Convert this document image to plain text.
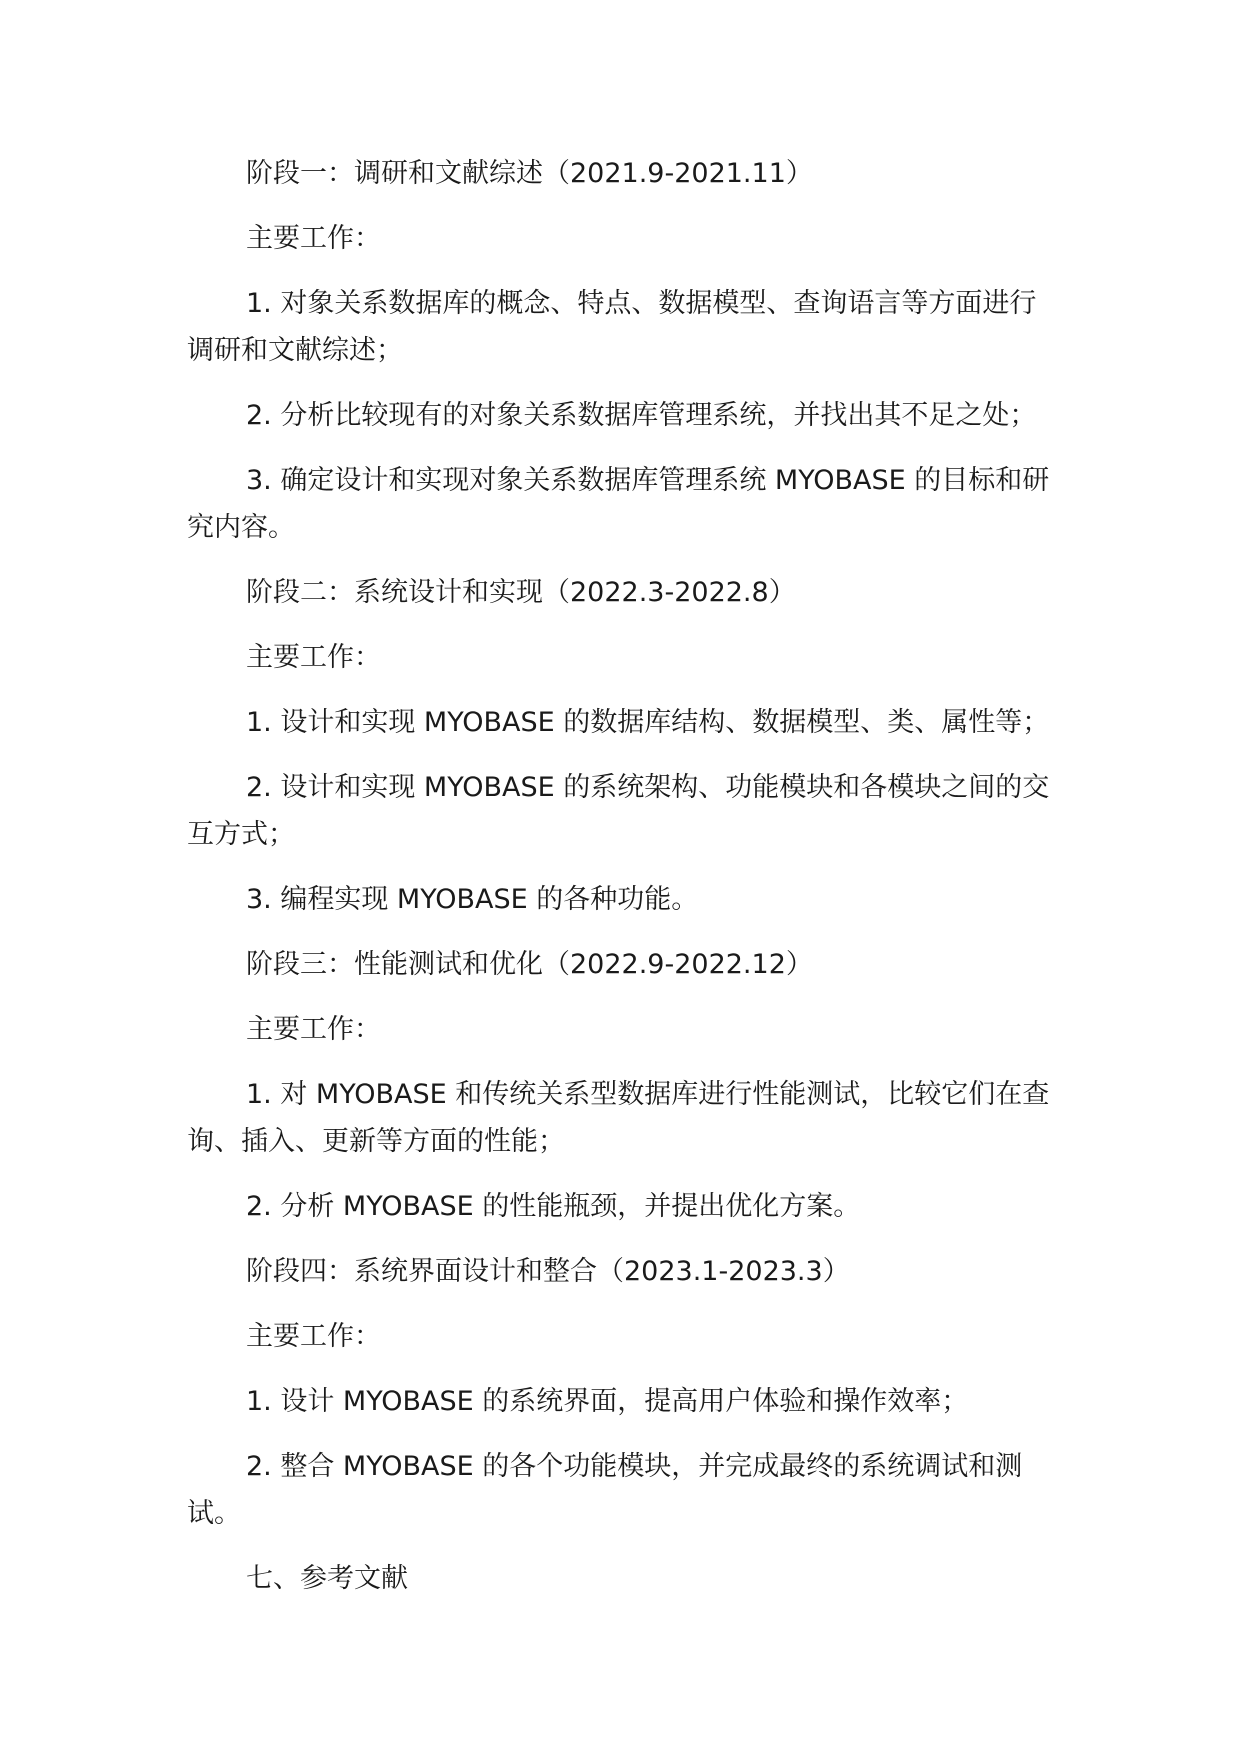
阶段一：调研和文献综述（2021.9-2021.11）

主要工作：

1. 对象关系数据库的概念、特点、数据模型、查询语言等方面进行调研和文献综述；

2. 分析比较现有的对象关系数据库管理系统，并找出其不足之处；

3. 确定设计和实现对象关系数据库管理系统 MYOBASE 的目标和研究内容。

阶段二：系统设计和实现（2022.3-2022.8）

主要工作：

1. 设计和实现 MYOBASE 的数据库结构、数据模型、类、属性等；

2. 设计和实现 MYOBASE 的系统架构、功能模块和各模块之间的交互方式；

3. 编程实现 MYOBASE 的各种功能。

阶段三：性能测试和优化（2022.9-2022.12）

主要工作：

1. 对 MYOBASE 和传统关系型数据库进行性能测试，比较它们在查询、插入、更新等方面的性能；

2. 分析 MYOBASE 的性能瓶颈，并提出优化方案。

阶段四：系统界面设计和整合（2023.1-2023.3）

主要工作：

1. 设计 MYOBASE 的系统界面，提高用户体验和操作效率；

2. 整合 MYOBASE 的各个功能模块，并完成最终的系统调试和测试。

七、参考文献
